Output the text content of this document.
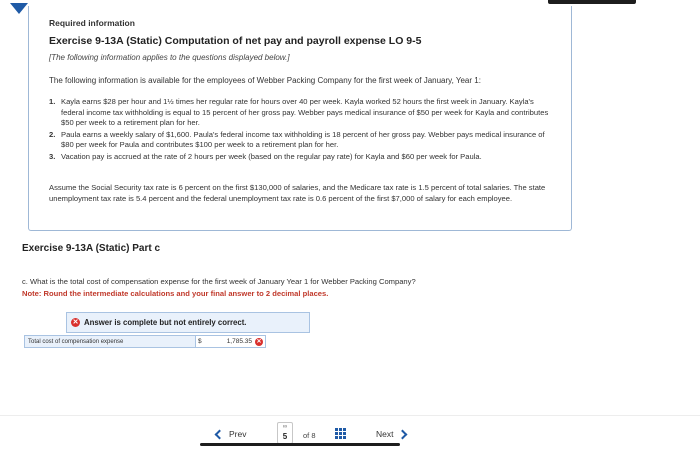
Required information
Exercise 9-13A (Static) Computation of net pay and payroll expense LO 9-5
[The following information applies to the questions displayed below.]
The following information is available for the employees of Webber Packing Company for the first week of January, Year 1:
1. Kayla earns $28 per hour and 1½ times her regular rate for hours over 40 per week. Kayla worked 52 hours the first week in January. Kayla's federal income tax withholding is equal to 15 percent of her gross pay. Webber pays medical insurance of $50 per week for Kayla and contributes $50 per week to a retirement plan for her.
2. Paula earns a weekly salary of $1,600. Paula's federal income tax withholding is 18 percent of her gross pay. Webber pays medical insurance of $80 per week for Paula and contributes $100 per week to a retirement plan for her.
3. Vacation pay is accrued at the rate of 2 hours per week (based on the regular pay rate) for Kayla and $60 per week for Paula.
Assume the Social Security tax rate is 6 percent on the first $130,000 of salaries, and the Medicare tax rate is 1.5 percent of total salaries. The state unemployment tax rate is 5.4 percent and the federal unemployment tax rate is 0.6 percent of the first $7,000 of salary for each employee.
Exercise 9-13A (Static) Part c
c. What is the total cost of compensation expense for the first week of January Year 1 for Webber Packing Company?
Note: Round the intermediate calculations and your final answer to 2 decimal places.
✕ Answer is complete but not entirely correct.
Total cost of compensation expense	$	1,785.35 ✕
Prev
∞
5	of 8	Next
